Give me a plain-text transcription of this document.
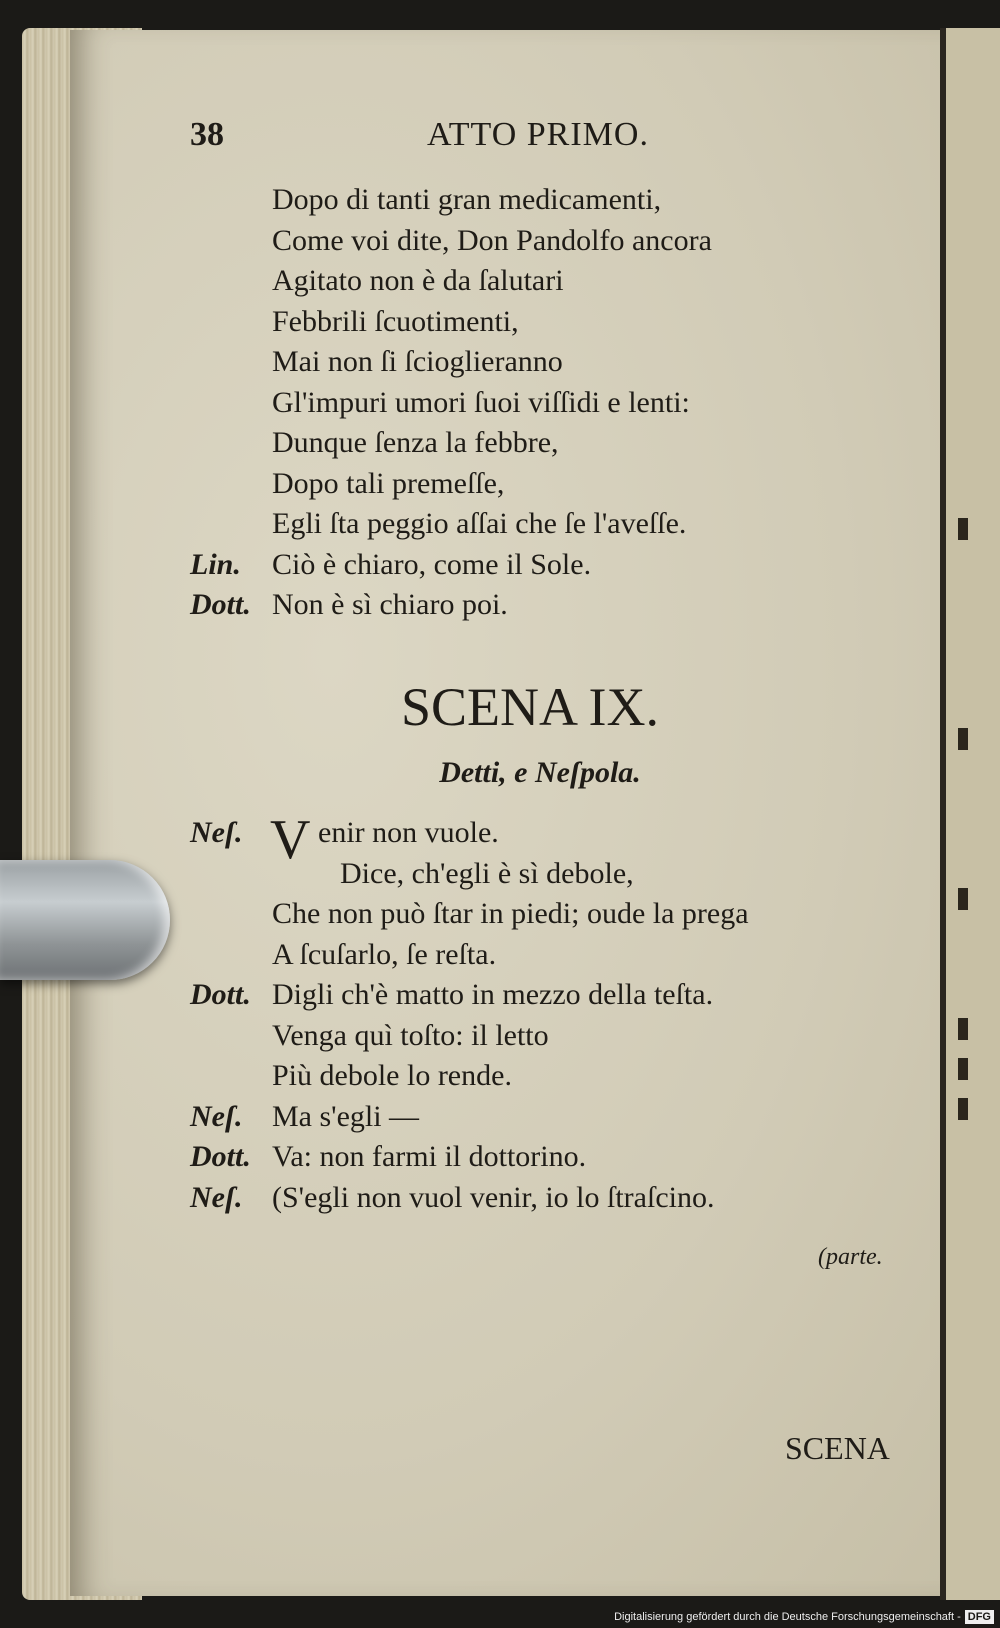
38	ATTO PRIMO.
Dopo di tanti gran medicamenti,
Come voi dite, Don Pandolfo ancora
Agitato non è da ſalutari
Febbrili ſcuotimenti,
Mai non ſi ſcioglieranno
Gl'impuri umori ſuoi viſſidi e lenti:
Dunque ſenza la febbre,
Dopo tali premeſſe,
Egli ſta peggio aſſai che ſe l'aveſſe.
Lin. Ciò è chiaro, come il Sole.
Dott. Non è sì chiaro poi.
SCENA IX.
Detti, e Neſpola.
Neſ. V enir non vuole.
Dice, ch'egli è sì debole,
Che non può ſtar in piedi; oude la prega
A ſcuſarlo, ſe reſta.
Dott. Digli ch'è matto in mezzo della teſta.
Venga quì toſto: il letto
Più debole lo rende.
Neſ. Ma s'egli —
Dott. Va: non farmi il dottorino.
Neſ. (S'egli non vuol venir, io lo ſtraſcino.
(parte.
SCENA
Digitalisierung gefördert durch die Deutsche Forschungsgemeinschaft - DFG
